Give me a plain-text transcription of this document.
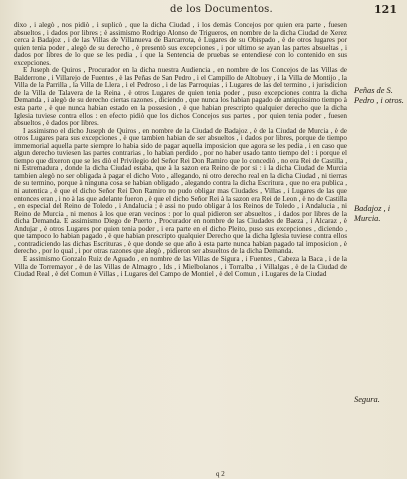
de los Documentos.	121

dixo , i alegò , nos pidiò , i suplicò , que la dicha Ciudad , i los demàs Concejos por quien era parte , fuesen absueltos , i dados por libres ; è assimismo Rodrigo Alonso de Trigueros, en nombre de la dicha Ciudad de Xerez cerca à Badajoz , i de las Villas de Villanueva de Barcarrota, è Lugares de su Obispado , è de otros lugares por quien tenia poder , alegò de su derecho , è presentò sus excepciones , i por ultimo se ayan las partes absueltas , i dados por libres de lo que se les pedia , i que la Sentencia de pruebas se entendiese con lo contenido en sus excepciones.

E Juseph de Quiros , Procurador en la dicha nuestra Audiencia , en nombre de los Concejos de las Villas de Balderrone , i Villarejo de Fuentes , è las Peñas de San Pedro , i el Campillo de Altobuey , i la Villa de Montijo , la Villa de la Parrilla , la Villa de Llera , i el Pedroso , i de las Parroquias , i Lugares de las del termino , i jurisdicion de la Villa de Talavera de la Reina , è otros Lugares de quien tenia poder , puso excepciones contra la dicha Demanda , i alegò de su derecho ciertas razones , diciendo , que nunca los habian pagado de antiquissimo tiempo à esta parte , è que nunca habian estado en la possesion , è que habian prescripto qualquier derecho que la dicha Iglesia tuviese contra ellos : en efecto pidiò que los dichos Concejos sus partes , por quien tenia poder , fuesen absueltos , è dados por libres.

I assimismo el dicho Juseph de Quiros , en nombre de la Ciudad de Badajoz , è de la Ciudad de Murcia , è de otros Lugares para sus excepciones , è que tambien habian de ser absueltos , i dados por libres, porque de tiempo immemorial aquella parte siempre lo habia sido de pagar aquella imposicion que agora se les pedia , i en caso que algun derecho tuviesen las partes contrarias , lo habian perdido , por no haber usado tanto tiempo del : i porque el tiempo que dixeron que se les diò el Privilegio del Señor Rei Don Ramiro que lo concediò , no era Rei de Castilla , ni Estremadura , donde la dicha Ciudad estaba, que à la sazon era Reino de por si : i la dicha Ciudad de Murcia tambien alegò no ser obligada à pagar el dicho Voto , allegando, ni otro derecho real en la dicha Ciudad , ni tierras de su termino, porque à ninguna cosa se habian obligado , alegando contra la dicha Escritura , que no era publica , ni autentica , è que el dicho Señor Rei Don Ramiro no pudo obligar mas Ciudades , Villas , i Lugares de las que entonces eran , i no à las que adelante fueron , è que el dicho Señor Rei à la sazon era Rei de Leon , è no de Castilla , en especial del Reino de Toledo , i Andalucia ; è assi no pudo obligar à los Reinos de Toledo , i Andalucia , ni Reino de Murcia , ni menos à los que eran vecinos : por lo qual pidieron ser absueltos , i dados por libres de la dicha Demanda. E assimismo Diego de Puerto , Procurador en nombre de las Ciudades de Baeza , i Alcaraz , è Andujar , è otros Lugares por quien tenia poder , i era parte en el dicho Pleito, puso sus excepciones , diciendo , que tampoco lo habian pagado , è que habian prescripto qualquier Derecho que la dicha Iglesia tuviese contra ellos , contradiciendo las dichas Escrituras , è que donde se que año à esta parte nunca habian pagado tal imposicion , è derecho , por lo qual , i por otras razones que alegò , pidieron ser absueltos de la dicha Demanda.

E assimismo Gonzalo Ruiz de Aguado , en nombre de las Villas de Sigura , i Fuentes , Cabeza la Baca , i de la Villa de Torremayor , è de las Villas de Almagro , Ids , i Mielbolanos , i Torralba , i Villalgas , è de la Ciudad de Ciudad Real , è del Comun è Villas , i Lugares del Campo de Montiel , è del Comun , i Lugares de la Ciudad

Peñas de S. Pedro , i otros.
Badajoz , i Murcia.
Segura.
q 2
